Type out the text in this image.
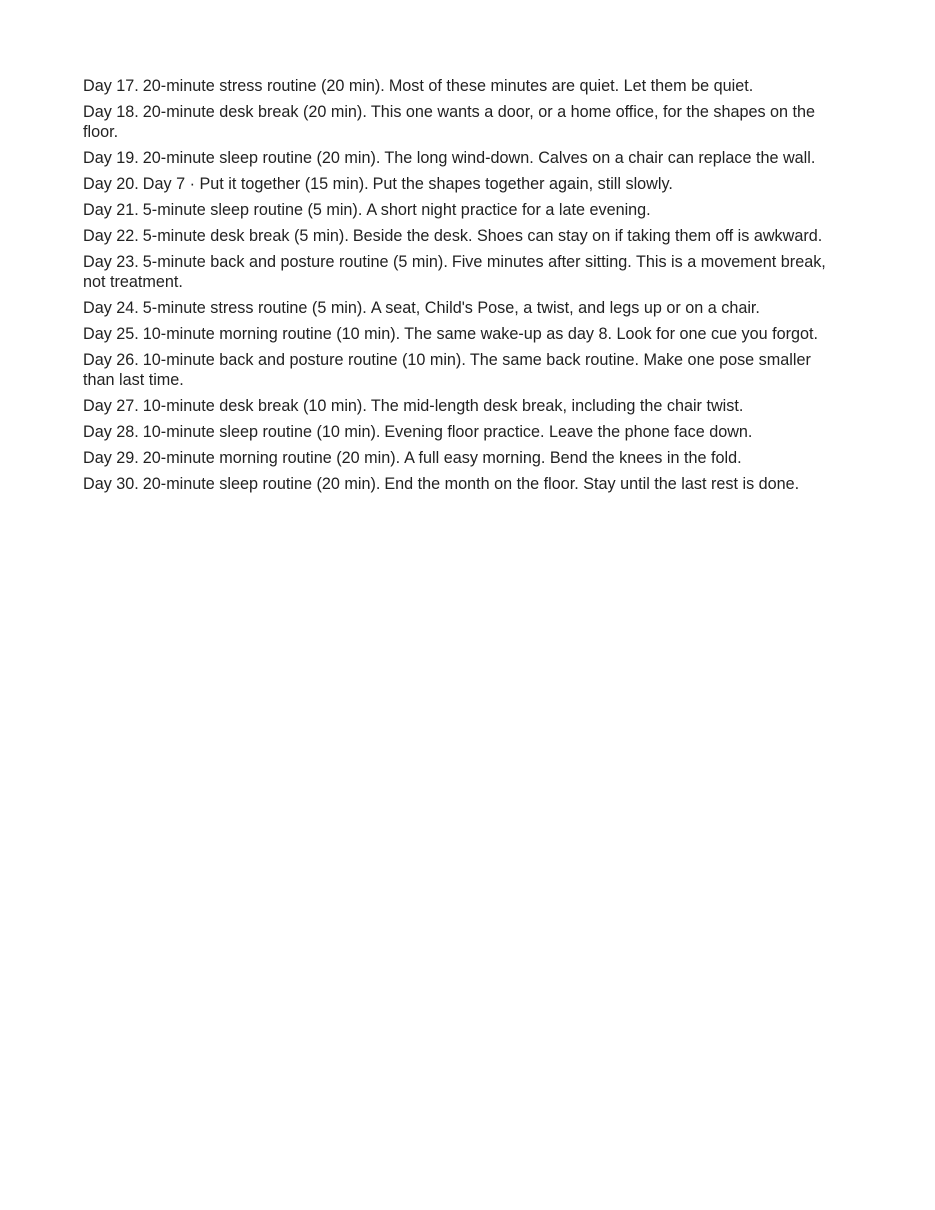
Day 17. 20-minute stress routine (20 min). Most of these minutes are quiet. Let them be quiet.

Day 18. 20-minute desk break (20 min). This one wants a door, or a home office, for the shapes on the floor.

Day 19. 20-minute sleep routine (20 min). The long wind-down. Calves on a chair can replace the wall.

Day 20. Day 7 · Put it together (15 min). Put the shapes together again, still slowly.

Day 21. 5-minute sleep routine (5 min). A short night practice for a late evening.

Day 22. 5-minute desk break (5 min). Beside the desk. Shoes can stay on if taking them off is awkward.

Day 23. 5-minute back and posture routine (5 min). Five minutes after sitting. This is a movement break, not treatment.

Day 24. 5-minute stress routine (5 min). A seat, Child's Pose, a twist, and legs up or on a chair.

Day 25. 10-minute morning routine (10 min). The same wake-up as day 8. Look for one cue you forgot.

Day 26. 10-minute back and posture routine (10 min). The same back routine. Make one pose smaller than last time.

Day 27. 10-minute desk break (10 min). The mid-length desk break, including the chair twist.

Day 28. 10-minute sleep routine (10 min). Evening floor practice. Leave the phone face down.

Day 29. 20-minute morning routine (20 min). A full easy morning. Bend the knees in the fold.

Day 30. 20-minute sleep routine (20 min). End the month on the floor. Stay until the last rest is done.
